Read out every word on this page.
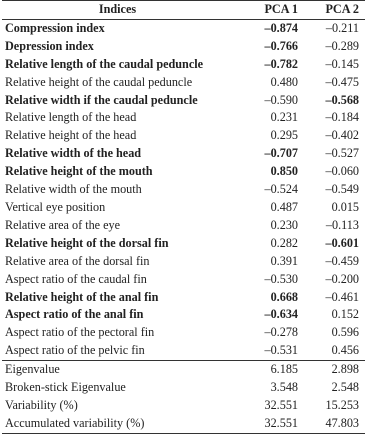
Indices	PCA 1	PCA 2
Compression index	–0.874	–0.211
Depression index	–0.766	–0.289
Relative length of the caudal peduncle	–0.782	–0.145
Relative height of the caudal peduncle	0.480	–0.475
Relative width if the caudal peduncle	–0.590	–0.568
Relative length of the head	0.231	–0.184
Relative height of the head	0.295	–0.402
Relative width of the head	–0.707	–0.527
Relative height of the mouth	0.850	–0.060
Relative width of the mouth	–0.524	–0.549
Vertical eye position	0.487	0.015
Relative area of the eye	0.230	–0.113
Relative height of the dorsal fin	0.282	–0.601
Relative area of the dorsal fin	0.391	–0.459
Aspect ratio of the caudal fin	–0.530	–0.200
Relative height of the anal fin	0.668	–0.461
Aspect ratio of the anal fin	–0.634	0.152
Aspect ratio of the pectoral fin	–0.278	0.596
Aspect ratio of the pelvic fin	–0.531	0.456
Eigenvalue	6.185	2.898
Broken-stick Eigenvalue	3.548	2.548
Variability (%)	32.551	15.253
Accumulated variability (%)	32.551	47.803
